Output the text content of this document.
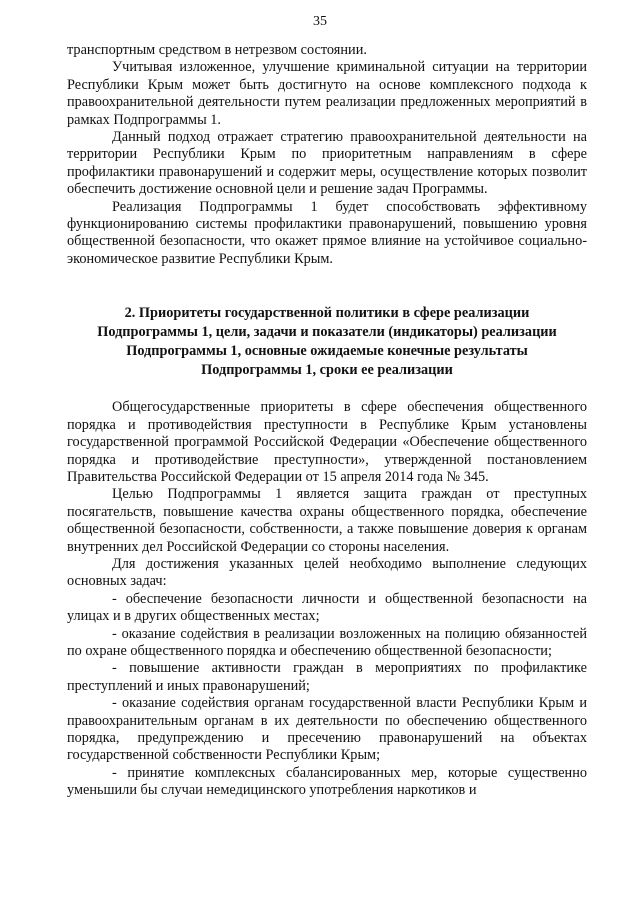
35

транспортным средством в нетрезвом состоянии.

Учитывая изложенное, улучшение криминальной ситуации на территории Республики Крым может быть достигнуто на основе комплексного подхода к правоохранительной деятельности путем реализации предложенных мероприятий в рамках Подпрограммы 1.

Данный подход отражает стратегию правоохранительной деятельности на территории Республики Крым по приоритетным направлениям в сфере профилактики правонарушений и содержит меры, осуществление которых позволит обеспечить достижение основной цели и решение задач Программы.

Реализация Подпрограммы 1 будет способствовать эффективному функционированию системы профилактики правонарушений, повышению уровня общественной безопасности, что окажет прямое влияние на устойчивое социально-экономическое развитие Республики Крым.

2. Приоритеты государственной политики в сфере реализации
Подпрограммы 1, цели, задачи и показатели (индикаторы) реализации
Подпрограммы 1, основные ожидаемые конечные результаты
Подпрограммы 1, сроки ее реализации

Общегосударственные приоритеты в сфере обеспечения общественного порядка и противодействия преступности в Республике Крым установлены государственной программой Российской Федерации «Обеспечение общественного порядка и противодействие преступности», утвержденной постановлением Правительства Российской Федерации от 15 апреля 2014 года № 345.

Целью Подпрограммы 1 является защита граждан от преступных посягательств, повышение качества охраны общественного порядка, обеспечение общественной безопасности, собственности, а также повышение доверия к органам внутренних дел Российской Федерации со стороны населения.

Для достижения указанных целей необходимо выполнение следующих основных задач:

- обеспечение безопасности личности и общественной безопасности на улицах и в других общественных местах;

- оказание содействия в реализации возложенных на полицию обязанностей по охране общественного порядка и обеспечению общественной безопасности;

- повышение активности граждан в мероприятиях по профилактике преступлений и иных правонарушений;

- оказание содействия органам государственной власти Республики Крым и правоохранительным органам в их деятельности по обеспечению общественного порядка, предупреждению и пресечению правонарушений на объектах государственной собственности Республики Крым;

- принятие комплексных сбалансированных мер, которые существенно уменьшили бы случаи немедицинского употребления наркотиков и
